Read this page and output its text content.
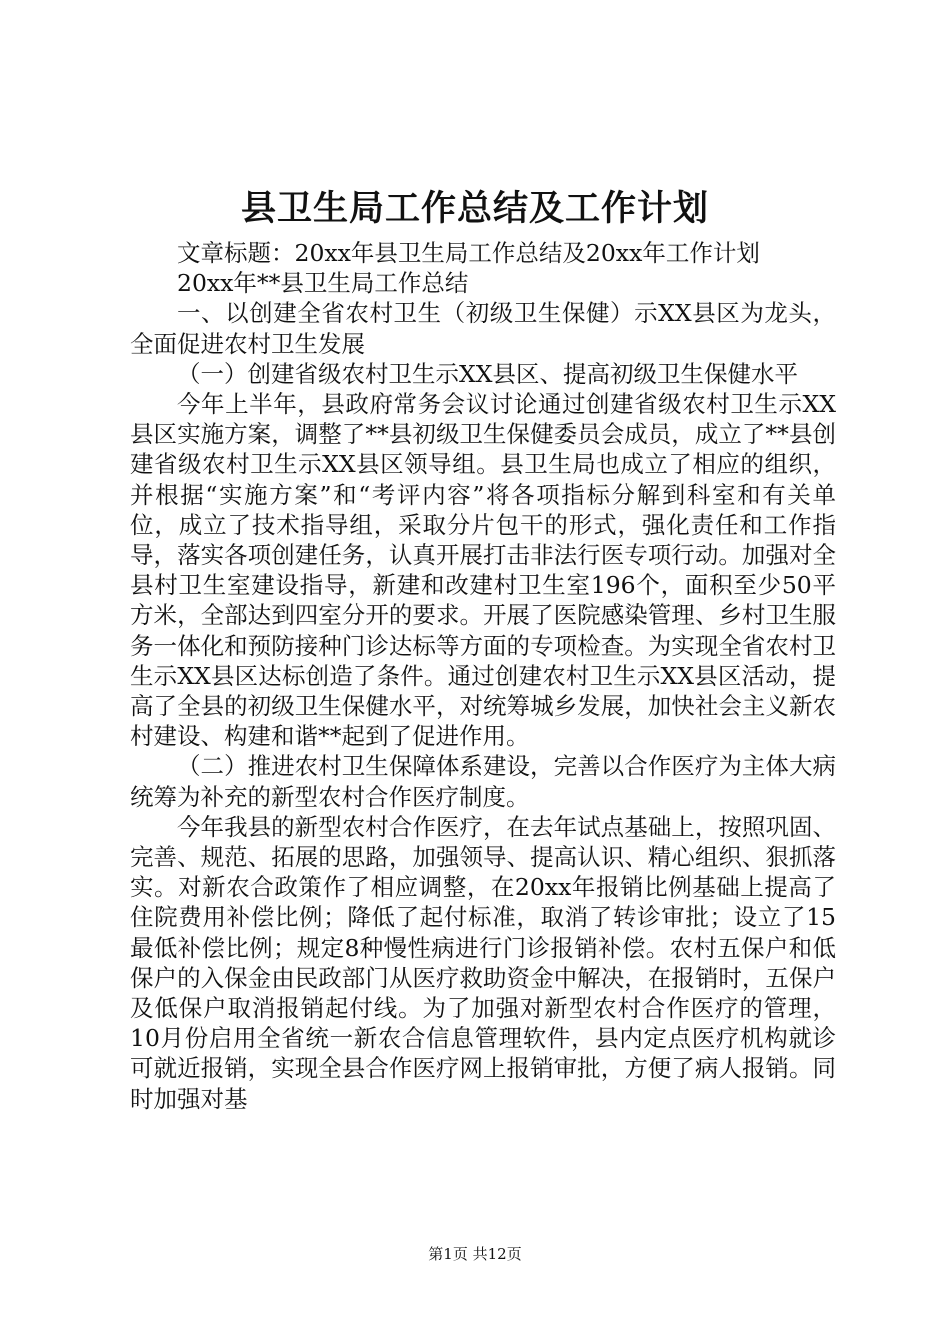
县卫生局工作总结及工作计划

文章标题：20xx年县卫生局工作总结及20xx年工作计划

20xx年**县卫生局工作总结

一、以创建全省农村卫生（初级卫生保健）示XX县区为龙头，全面促进农村卫生发展

（一）创建省级农村卫生示XX县区、提高初级卫生保健水平

今年上半年，县政府常务会议讨论通过创建省级农村卫生示XX县区实施方案，调整了**县初级卫生保健委员会成员，成立了**县创建省级农村卫生示XX县区领导组。县卫生局也成立了相应的组织，并根据“实施方案”和“考评内容”将各项指标分解到科室和有关单位，成立了技术指导组，采取分片包干的形式，强化责任和工作指导，落实各项创建任务，认真开展打击非法行医专项行动。加强对全县村卫生室建设指导，新建和改建村卫生室196个，面积至少50平方米，全部达到四室分开的要求。开展了医院感染管理、乡村卫生服务一体化和预防接种门诊达标等方面的专项检查。为实现全省农村卫生示XX县区达标创造了条件。通过创建农村卫生示XX县区活动，提高了全县的初级卫生保健水平，对统筹城乡发展，加快社会主义新农村建设、构建和谐**起到了促进作用。

（二）推进农村卫生保障体系建设，完善以合作医疗为主体大病统筹为补充的新型农村合作医疗制度。

今年我县的新型农村合作医疗，在去年试点基础上，按照巩固、完善、规范、拓展的思路，加强领导、提高认识、精心组织、狠抓落实。对新农合政策作了相应调整，在20xx年报销比例基础上提高了住院费用补偿比例；降低了起付标准，取消了转诊审批；设立了15最低补偿比例；规定8种慢性病进行门诊报销补偿。农村五保户和低保户的入保金由民政部门从医疗救助资金中解决，在报销时，五保户及低保户取消报销起付线。为了加强对新型农村合作医疗的管理，10月份启用全省统一新农合信息管理软件，县内定点医疗机构就诊可就近报销，实现全县合作医疗网上报销审批，方便了病人报销。同时加强对基

第1页 共12页
